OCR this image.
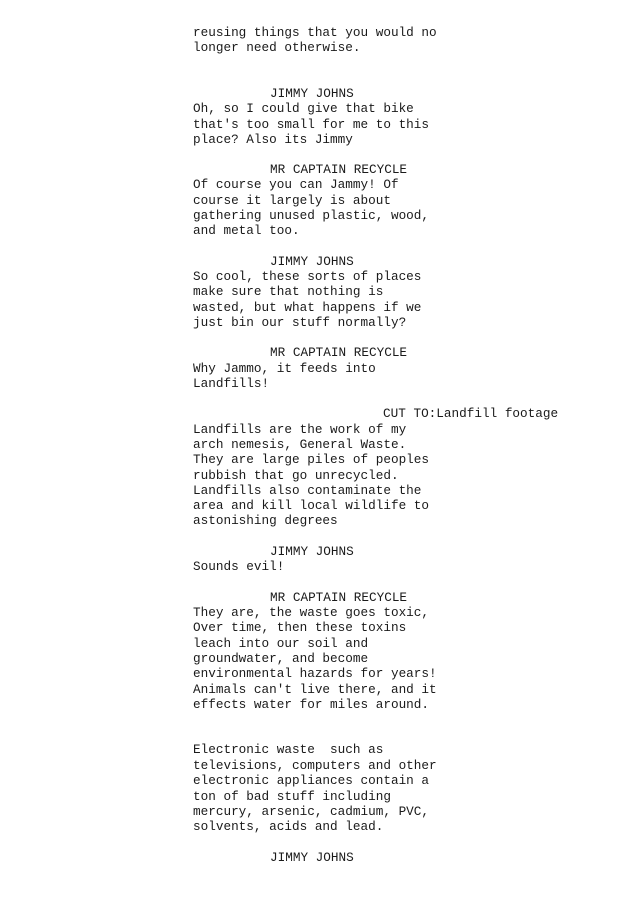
reusing things that you would no

longer need otherwise.

JIMMY JOHNS

Oh, so I could give that bike

that's too small for me to this

place? Also its Jimmy

MR CAPTAIN RECYCLE

Of course you can Jammy! Of

course it largely is about

gathering unused plastic, wood,

and metal too.

JIMMY JOHNS

So cool, these sorts of places

make sure that nothing is

wasted, but what happens if we

just bin our stuff normally?

MR CAPTAIN RECYCLE

Why Jammo, it feeds into

Landfills!

CUT TO:Landfill footage

Landfills are the work of my

arch nemesis, General Waste.

They are large piles of peoples

rubbish that go unrecycled.

Landfills also contaminate the

area and kill local wildlife to

astonishing degrees

JIMMY JOHNS

Sounds evil!

MR CAPTAIN RECYCLE

They are, the waste goes toxic,

Over time, then these toxins

leach into our soil and

groundwater, and become

environmental hazards for years!

Animals can't live there, and it

effects water for miles around.

Electronic waste  such as

televisions, computers and other

electronic appliances contain a

ton of bad stuff including

mercury, arsenic, cadmium, PVC,

solvents, acids and lead.

JIMMY JOHNS
